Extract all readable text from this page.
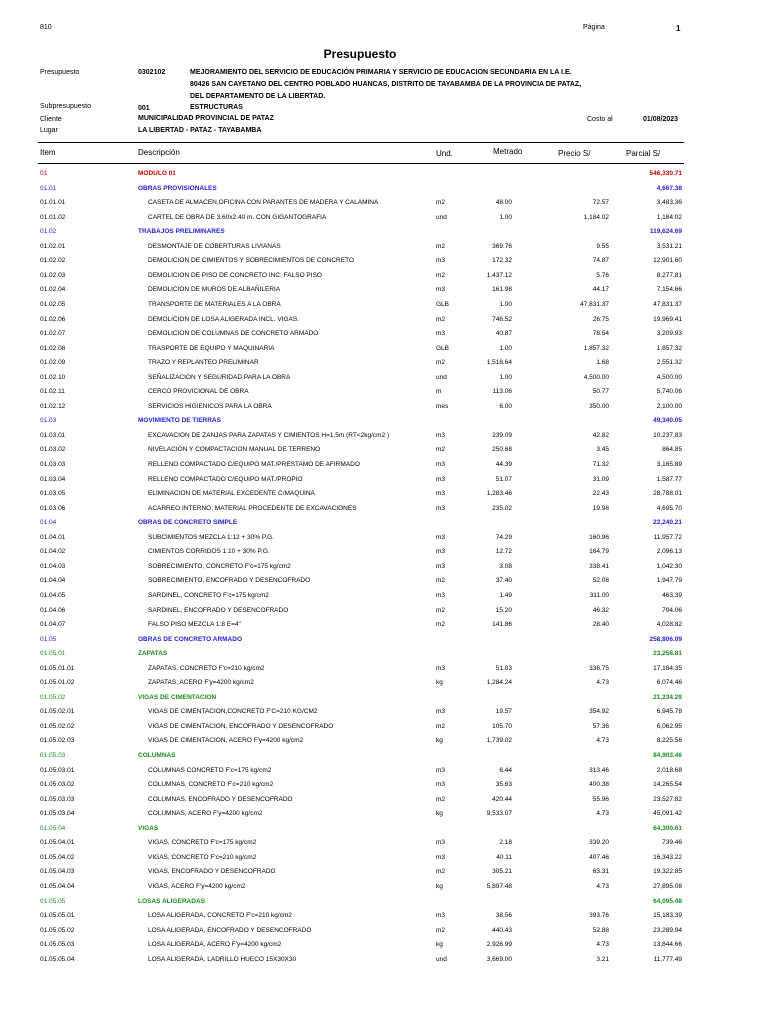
810	Página	1
Presupuesto
Presupuesto	0302102	MEJORAMIENTO DEL SERVICIO DE EDUCACIÓN PRIMARIA Y SERVICIO DE EDUCACION SECUNDARIA EN LA I.E.
80426 SAN CAYETANO DEL CENTRO POBLADO HUANCAS, DISTRITO DE TAYABAMBA DE LA PROVINCIA DE PATAZ,
DEL DEPARTAMENTO DE LA LIBERTAD.
Subpresupuesto	001	ESTRUCTURAS
Cliente	MUNICIPALIDAD PROVINCIAL DE PATAZ	Costo al	01/08/2023
Lugar	LA LIBERTAD - PATAZ - TAYABAMBA
Item	Descripción	Und.	Metrado	Precio S/	Parcial S/
01	MODULO 01	546,330.71
01.01	OBRAS PROVISIONALES	4,667.38
01.01.01	CASETA DE ALMACEN,OFICINA CON PARANTES DE MADERA Y CALAMINA	m2	48.00	72.57	3,483.36
01.01.02	CARTEL DE OBRA DE 3.60x2.40 m. CON GIGANTOGRAFIA	und	1.00	1,184.02	1,184.02
01.02	TRABAJOS PRELIMINARES	119,624.69
01.02.01	DESMONTAJE DE COBERTURAS LIVIANAS	m2	369.76	9.55	3,531.21
01.02.02	DEMOLICION DE CIMIENTOS Y SOBRECIMIENTOS DE CONCRETO	m3	172.32	74.87	12,901.60
01.02.03	DEMOLICION DE PISO DE CONCRETO INC. FALSO PISO	m2	1,437.12	5.76	8,277.81
01.02.04	DEMOLICION DE MUROS DE ALBAÑILERIA	m3	161.98	44.17	7,154.66
01.02.05	TRANSPORTE DE MATERIALES A LA OBRA	GLB	1.00	47,831.37	47,831.37
01.02.06	DEMOLICION DE LOSA ALIGERADA INCL. VIGAS.	m2	746.52	26.75	19,969.41
01.02.07	DEMOLICION DE COLUMNAS DE CONCRETO ARMADO	m3	40.87	78.54	3,209.93
01.02.08	TRASPORTE DE EQUIPO Y MAQUINARIA	GLB	1.00	1,857.32	1,857.32
01.02.09	TRAZO Y REPLANTEO PRELIMINAR	m2	1,518.64	1.68	2,551.32
01.02.10	SEÑALIZACION Y SEGURIDAD PARA LA OBRA	und	1.00	4,500.00	4,500.00
01.02.11	CERCO PROVICIONAL DE OBRA	m	113.06	50.77	5,740.06
01.02.12	SERVICIOS HIGIENICOS PARA LA OBRA	mes	6.00	350.00	2,100.00
01.03	MOVIMIENTO DE TIERRAS	49,340.05
01.03.01	EXCAVACION DE ZANJAS PARA ZAPATAS Y CIMIENTOS H=1.5m (RT<2kg/cm2 )	m3	239.09	42.82	10,237.83
01.03.02	NIVELACION Y COMPACTACION MANUAL DE TERRENO	m2	250.68	3.45	864.85
01.03.03	RELLENO COMPACTADO C/EQUIPO MAT./PRESTAMO DE AFIRMADO	m3	44.39	71.32	3,165.89
01.03.04	RELLENO COMPACTADO C/EQUIPO MAT./PROPIO	m3	51.07	31.09	1,587.77
01.03.05	ELIMINACION DE MATERIAL EXCEDENTE C/MAQUINA	m3	1,283.46	22.43	28,788.01
01.03.06	ACARREO INTERNO, MATERIAL PROCEDENTE DE EXCAVACIONES	m3	235.02	19.98	4,695.70
01.04	OBRAS DE CONCRETO SIMPLE	22,240.21
01.04.01	SUBCIMIENTOS MEZCLA 1:12 + 30% P.G.	m3	74.29	160.96	11,957.72
01.04.02	CIMIENTOS CORRIDOS 1:10 + 30% P.G.	m3	12.72	164.79	2,096.13
01.04.03	SOBRECIMIENTO, CONCRETO F'c=175 kg/cm2	m3	3.08	338.41	1,042.30
01.04.04	SOBRECIMIENTO, ENCOFRADO Y DESENCOFRADO	m2	37.40	52.08	1,947.79
01.04.05	SARDINEL, CONCRETO F'c=175 kg/cm2	m3	1.49	311.00	463.39
01.04.06	SARDINEL, ENCOFRADO Y DESENCOFRADO	m2	15.20	46.32	704.06
01.04.07	FALSO PISO MEZCLA 1:8 E=4"	m2	141.86	28.40	4,028.82
01.05	OBRAS DE CONCRETO ARMADO	258,806.09
01.05.01	ZAPATAS	23,258.81
01.05.01.01	ZAPATAS, CONCRETO F'c=210 kg/cm2	m3	51.03	336.75	17,184.35
01.05.01.02	ZAPATAS, ACERO F'y=4200 kg/cm2	kg	1,284.24	4.73	6,074.46
01.05.02	VIGAS DE CIMENTACION	21,234.29
01.05.02.01	VIGAS DE CIMENTACION,CONCRETO F'C=210 KG/CM2	m3	19.57	354.92	6,945.78
01.05.02.02	VIGAS DE CIMENTACION, ENCOFRADO Y DESENCOFRADO	m2	105.70	57.36	6,062.95
01.05.02.03	VIGAS DE CIMENTACION, ACERO F'y=4200 kg/cm2	kg	1,739.02	4.73	8,225.56
01.05.03	COLUMNAS	84,903.46
01.05.03.01	COLUMNAS CONCRETO F'c=175 kg/cm2	m3	6.44	313.46	2,018.68
01.05.03.02	COLUMNAS, CONCRETO F'c=210 kg/cm2	m3	35.63	400.38	14,265.54
01.05.03.03	COLUMNAS, ENCOFRADO Y DESENCOFRADO	m2	420.44	55.96	23,527.82
01.05.03.04	COLUMNAS, ACERO F'y=4200 kg/cm2	kg	9,533.07	4.73	45,091.42
01.05.04	VIGAS	64,300.61
01.05.04.01	VIGAS, CONCRETO F'c=175 kg/cm2	m3	2.18	339.20	739.46
01.05.04.02	VIGAS, CONCRETO F'c=210 kg/cm2	m3	40.11	407.46	16,343.22
01.05.04.03	VIGAS, ENCOFRADO Y DESENCOFRADO	m2	305.21	63.31	19,322.85
01.05.04.04	VIGAS, ACERO F'y=4200 kg/cm2	kg	5,897.48	4.73	27,895.08
01.05.05	LOSAS ALIGERADAS	64,095.48
01.05.05.01	LOSA ALIGERADA, CONCRETO F'c=210 kg/cm2	m3	38.56	393.76	15,183.39
01.05.05.02	LOSA ALIGERADA, ENCOFRADO Y DESENCOFRADO	m2	440.43	52.88	23,289.94
01.05.05.03	LOSA ALIGERADA, ACERO F'y=4200 kg/cm2	kg	2,926.99	4.73	13,844.66
01.05.05.04	LOSA ALIGERADA, LADRILLO HUECO 15X30X30	und	3,669.00	3.21	11,777.49
